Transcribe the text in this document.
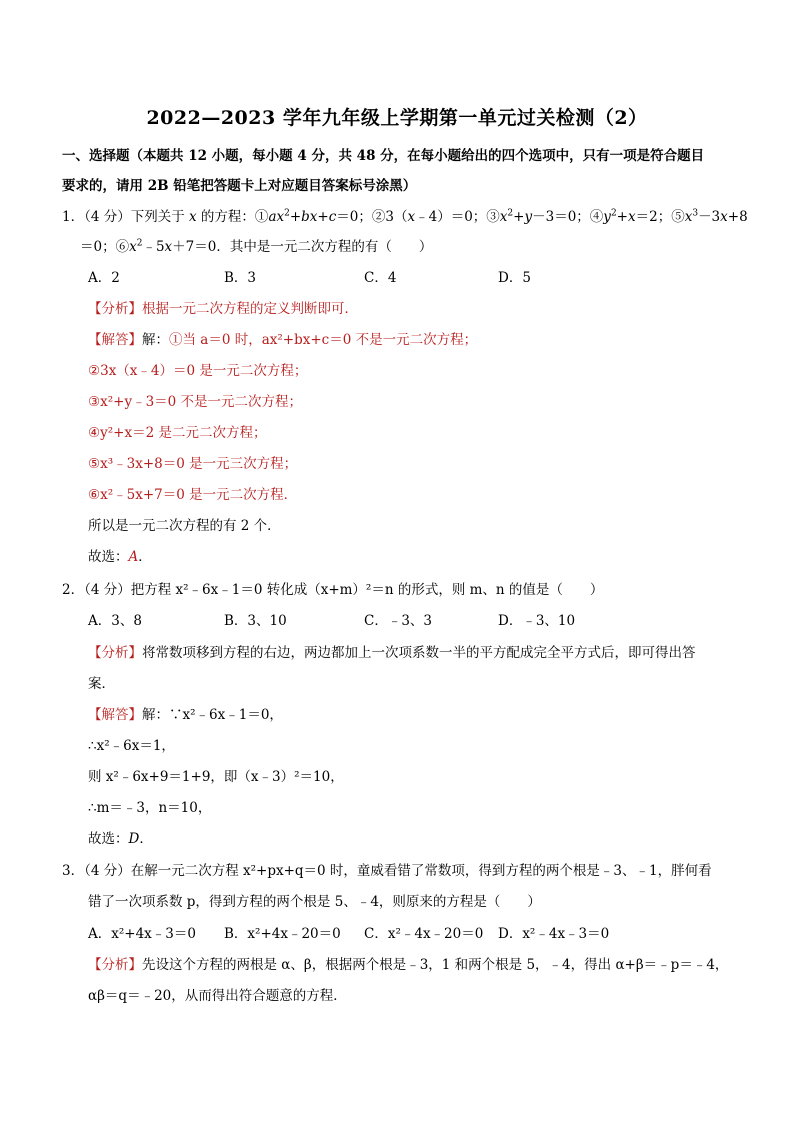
2022—2023 学年九年级上学期第一单元过关检测（2）
一、选择题（本题共 12 小题，每小题 4 分，共 48 分，在每小题给出的四个选项中，只有一项是符合题目
要求的，请用 2B 铅笔把答题卡上对应题目答案标号涂黑）
1．（4 分）下列关于 x 的方程：$①ax^2+bx+c=0$；②3（x﹣4）＝0；$③x^2+y-3=0$；$④y^2+x=2$；$⑤x^3-3x+8$
＝0；$⑥x^2﹣5x+7=0$．其中是一元二次方程的有（　　）
A．2	B．3	C．4	D．5
【分析】根据一元二次方程的定义判断即可．
【解答】解：①当 a＝0 时，ax²+bx+c＝0 不是一元二次方程；
②3x（x﹣4）＝0 是一元二次方程；
③x²+y﹣3＝0 不是一元二次方程；
④y²+x＝2 是二元二次方程；
⑤x³﹣3x+8＝0 是一元三次方程；
⑥x²﹣5x+7＝0 是一元二次方程．
所以是一元二次方程的有 2 个．
故选：A．
2．（4 分）把方程 x²﹣6x﹣1＝0 转化成（x+m）²＝n 的形式，则 m、n 的值是（　　）
A．3、8	B．3、10	C．﹣3、3	D．﹣3、10
【分析】将常数项移到方程的右边，两边都加上一次项系数一半的平方配成完全平方式后，即可得出答
案．
【解答】解：∵x²﹣6x﹣1＝0，
∴x²﹣6x＝1，
则 x²﹣6x+9＝1+9，即（x﹣3）²＝10，
∴m＝﹣3，n＝10，
故选：D．
3．（4 分）在解一元二次方程 x²+px+q＝0 时，童威看错了常数项，得到方程的两个根是﹣3、﹣1，胖何看
错了一次项系数 p，得到方程的两个根是 5、﹣4，则原来的方程是（　　）
A．x²+4x﹣3＝0 B．x²+4x﹣20＝0 C．x²﹣4x﹣20＝0 D．x²﹣4x﹣3＝0
【分析】先设这个方程的两根是 α、β，根据两个根是﹣3，1 和两个根是 5，﹣4，得出 α+β＝﹣p＝﹣4，
αβ＝q＝﹣20，从而得出符合题意的方程．
